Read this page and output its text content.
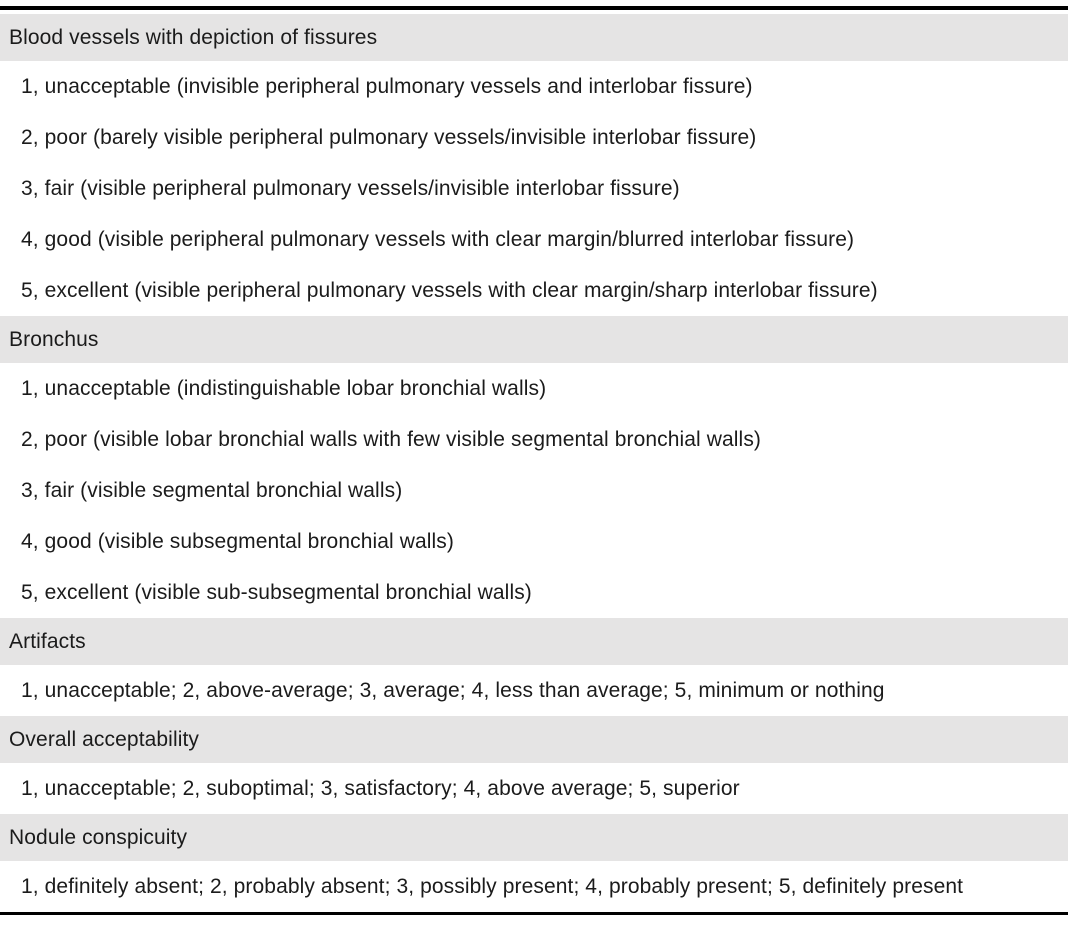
Blood vessels with depiction of fissures
1, unacceptable (invisible peripheral pulmonary vessels and interlobar fissure)
2, poor (barely visible peripheral pulmonary vessels/invisible interlobar fissure)
3, fair (visible peripheral pulmonary vessels/invisible interlobar fissure)
4, good (visible peripheral pulmonary vessels with clear margin/blurred interlobar fissure)
5, excellent (visible peripheral pulmonary vessels with clear margin/sharp interlobar fissure)
Bronchus
1, unacceptable (indistinguishable lobar bronchial walls)
2, poor (visible lobar bronchial walls with few visible segmental bronchial walls)
3, fair (visible segmental bronchial walls)
4, good (visible subsegmental bronchial walls)
5, excellent (visible sub-subsegmental bronchial walls)
Artifacts
1, unacceptable; 2, above-average; 3, average; 4, less than average; 5, minimum or nothing
Overall acceptability
1, unacceptable; 2, suboptimal; 3, satisfactory; 4, above average; 5, superior
Nodule conspicuity
1, definitely absent; 2, probably absent; 3, possibly present; 4, probably present; 5, definitely present
